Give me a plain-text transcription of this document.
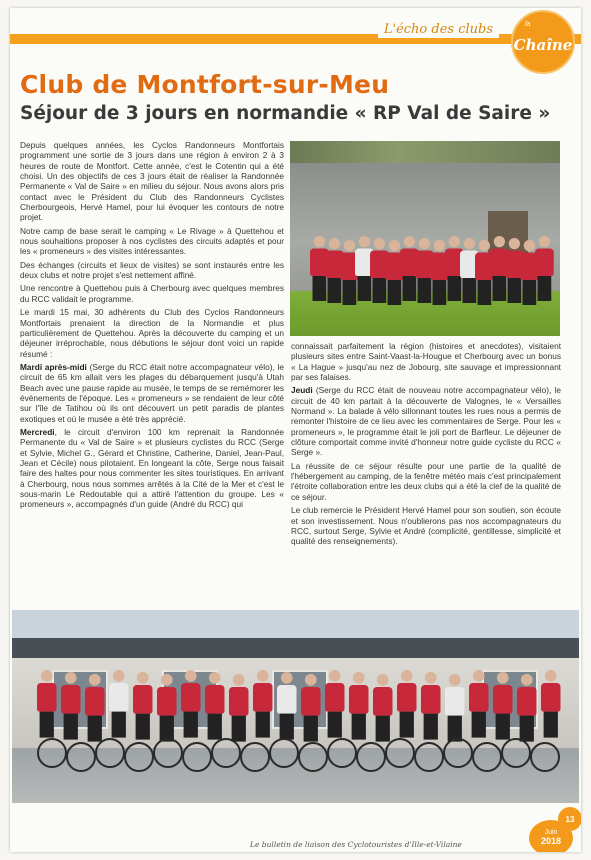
L'écho des clubs	la
Chaîne
Club de Montfort-sur-Meu
Séjour de 3 jours en normandie « RP Val de Saire »

Depuis quelques années, les Cyclos Randonneurs Montfortais programment une sortie de 3 jours dans une région à environ 2 à 3 heures de route de Montfort. Cette année, c'est le Cotentin qui a été choisi. Un des objectifs de ces 3 jours était de réaliser la Randonnée Permanente « Val de Saire » en milieu du séjour. Nous avons alors pris contact avec le Président du Club des Randonneurs Cyclistes Cherbourgeois, Hervé Hamel, pour lui évoquer les contours de notre projet.

Notre camp de base serait le camping « Le Rivage » à Quettehou et nous souhaitions proposer à nos cyclistes des circuits adaptés et pour les « promeneurs » des visites intéressantes.

Des échanges (circuits et lieux de visites) se sont instaurés entre les deux clubs et notre projet s'est nettement affiné.

Une rencontre à Quettehou puis à Cherbourg avec quelques membres du RCC validait le programme.

Le mardi 15 mai, 30 adhérents du Club des Cyclos Randonneurs Montfortais prenaient la direction de la Normandie et plus particulièrement de Quettehou. Après la découverte du camping et un déjeuner irréprochable, nous débutions le séjour dont voici un rapide résumé :

Mardi après-midi (Serge du RCC était notre accompagnateur vélo), le circuit de 65 km allait vers les plages du débarquement jusqu'à Utah Beach avec une pause rapide au musée, le temps de se remémorer les évènements de l'époque. Les « promeneurs » se rendaient de leur côté sur l'île de Tatihou où ils ont découvert un petit paradis de plantes exotiques et où le musée a été très apprécié.

Mercredi, le circuit d'environ 100 km reprenait la Randonnée Permanente du « Val de Saire » et plusieurs cyclistes du RCC (Serge et Sylvie, Michel G., Gérard et Christine, Catherine, Daniel, Jean-Paul, Jean et Cécile) nous pilotaient. En longeant la côte, Serge nous faisait faire des haltes pour nous commenter les sites touristiques. En arrivant à Cherbourg, nous nous sommes arrêtés à la Cité de la Mer et c'est le sous-marin Le Redoutable qui a attiré l'attention du groupe. Les « promeneurs », accompagnés d'un guide (André du RCC) qui

connaissait parfaitement la région (histoires et anecdotes), visitaient plusieurs sites entre Saint-Vaast-la-Hougue et Cherbourg avec un bonus « La Hague » jusqu'au nez de Jobourg, site sauvage et impressionnant par ses falaises.

Jeudi (Serge du RCC était de nouveau notre accompagnateur vélo), le circuit de 40 km partait à la découverte de Valognes, le « Versailles Normand ». La balade à vélo sillonnant toutes les rues nous a permis de remonter l'histoire de ce lieu avec les commentaires de Serge. Pour les « promeneurs », le programme était le joli port de Barfleur. Le déjeuner de clôture comportait comme invité d'honneur notre guide cycliste du RCC « Serge ».

La réussite de ce séjour résulte pour une partie de la qualité de l'hébergement au camping, de la fenêtre météo mais c'est principalement l'étroite collaboration entre les deux clubs qui a été la clef de la qualité de ce séjour.

Le club remercie le Président Hervé Hamel pour son soutien, son écoute et son investissement. Nous n'oublierons pas nos accompagnateurs du RCC, surtout Serge, Sylvie et André (complicité, gentillesse, simplicité et qualité des renseignements).

13
Le bulletin de liaison des Cyclotouristes d'Ille-et-Vilaine
Juin
2018
